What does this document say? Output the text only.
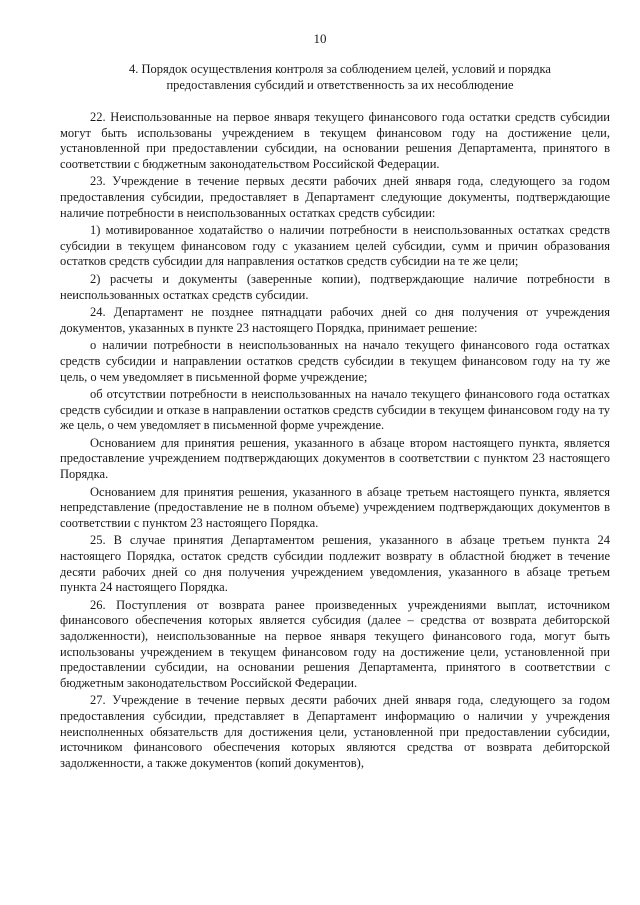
10
4. Порядок осуществления контроля за соблюдением целей, условий и порядка
предоставления субсидий и ответственность за их несоблюдение

22. Неиспользованные на первое января текущего финансового года остатки средств субсидии могут быть использованы учреждением в текущем финансовом году на достижение цели, установленной при предоставлении субсидии, на основании решения Департамента, принятого в соответствии с бюджетным законодательством Российской Федерации.

23. Учреждение в течение первых десяти рабочих дней января года, следующего за годом предоставления субсидии, предоставляет в Департамент следующие документы, подтверждающие наличие потребности в неиспользованных остатках средств субсидии:

1) мотивированное ходатайство о наличии потребности в неиспользованных остатках средств субсидии в текущем финансовом году с указанием целей субсидии, сумм и причин образования остатков средств субсидии для направления остатков средств субсидии на те же цели;

2) расчеты и документы (заверенные копии), подтверждающие наличие потребности в неиспользованных остатках средств субсидии.

24. Департамент не позднее пятнадцати рабочих дней со дня получения от учреждения документов, указанных в пункте 23 настоящего Порядка, принимает решение:

о наличии потребности в неиспользованных на начало текущего финансового года остатках средств субсидии и направлении остатков средств субсидии в текущем финансовом году на ту же цель, о чем уведомляет в письменной форме учреждение;

об отсутствии потребности в неиспользованных на начало текущего финансового года остатках средств субсидии и отказе в направлении остатков средств субсидии в текущем финансовом году на ту же цель, о чем уведомляет в письменной форме учреждение.

Основанием для принятия решения, указанного в абзаце втором настоящего пункта, является предоставление учреждением подтверждающих документов в соответствии с пунктом 23 настоящего Порядка.

Основанием для принятия решения, указанного в абзаце третьем настоящего пункта, является непредставление (предоставление не в полном объеме) учреждением подтверждающих документов в соответствии с пунктом 23 настоящего Порядка.

25. В случае принятия Департаментом решения, указанного в абзаце третьем пункта 24 настоящего Порядка, остаток средств субсидии подлежит возврату в областной бюджет в течение десяти рабочих дней со дня получения учреждением уведомления, указанного в абзаце третьем пункта 24 настоящего Порядка.

26. Поступления от возврата ранее произведенных учреждениями выплат, источником финансового обеспечения которых является субсидия (далее – средства от возврата дебиторской задолженности), неиспользованные на первое января текущего финансового года, могут быть использованы учреждением в текущем финансовом году на достижение цели, установленной при предоставлении субсидии, на основании решения Департамента, принятого в соответствии с бюджетным законодательством Российской Федерации.

27. Учреждение в течение первых десяти рабочих дней января года, следующего за годом предоставления субсидии, представляет в Департамент информацию о наличии у учреждения неисполненных обязательств для достижения цели, установленной при предоставлении субсидии, источником финансового обеспечения которых являются средства от возврата дебиторской задолженности, а также документов (копий документов),
